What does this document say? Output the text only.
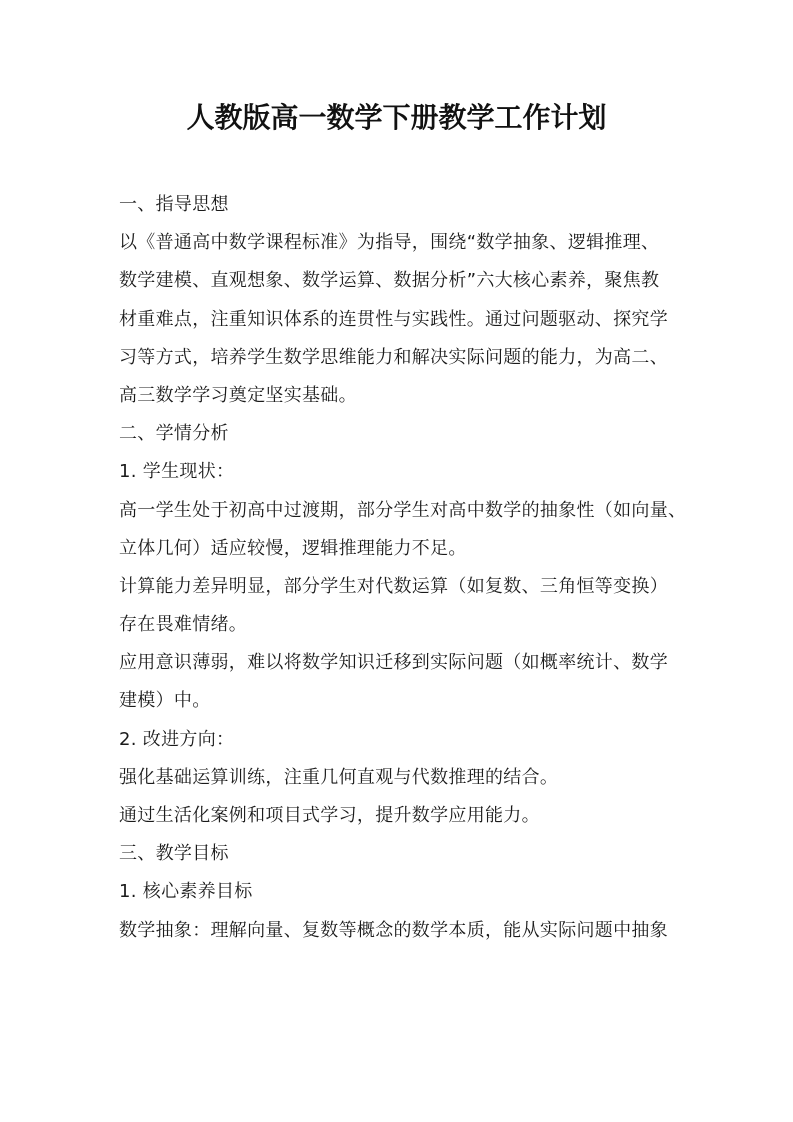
人教版高一数学下册教学工作计划
一、指导思想
以《普通高中数学课程标准》为指导，围绕“数学抽象、逻辑推理、
数学建模、直观想象、数学运算、数据分析”六大核心素养，聚焦教
材重难点，注重知识体系的连贯性与实践性。通过问题驱动、探究学
习等方式，培养学生数学思维能力和解决实际问题的能力，为高二、
高三数学学习奠定坚实基础。
二、学情分析
1. 学生现状：
高一学生处于初高中过渡期，部分学生对高中数学的抽象性（如向量、
立体几何）适应较慢，逻辑推理能力不足。
计算能力差异明显，部分学生对代数运算（如复数、三角恒等变换）
存在畏难情绪。
应用意识薄弱，难以将数学知识迁移到实际问题（如概率统计、数学
建模）中。
2. 改进方向：
强化基础运算训练，注重几何直观与代数推理的结合。
通过生活化案例和项目式学习，提升数学应用能力。
三、教学目标
1. 核心素养目标
数学抽象：理解向量、复数等概念的数学本质，能从实际问题中抽象
